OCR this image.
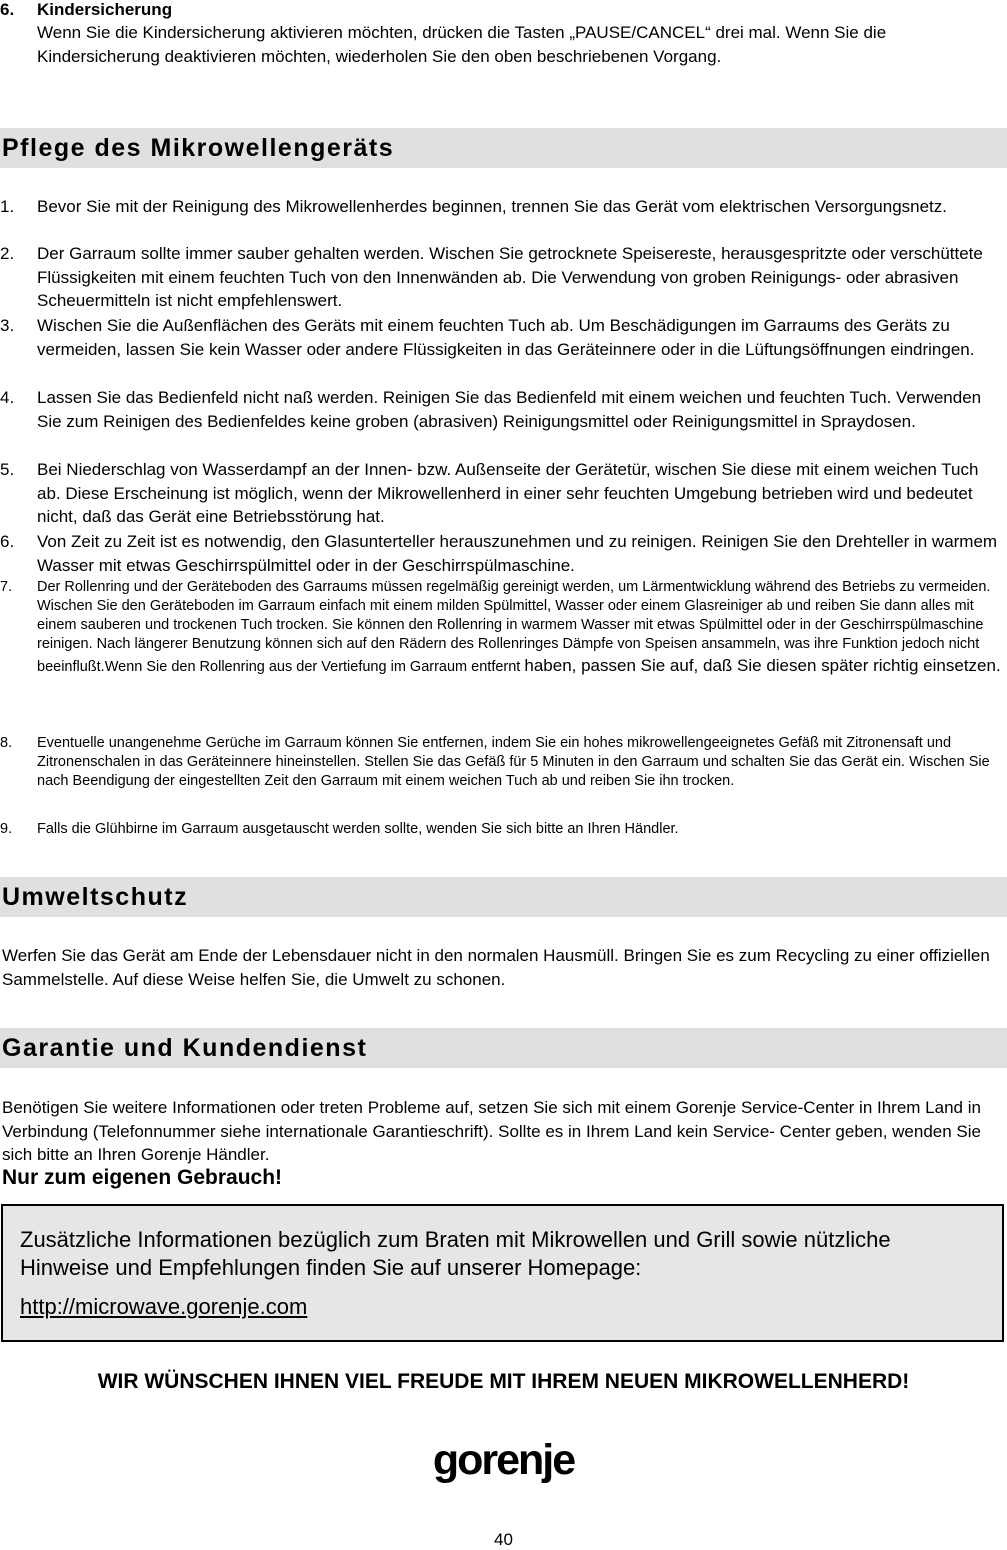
6. Kindersicherung

Wenn Sie die Kindersicherung aktivieren möchten, drücken die Tasten „PAUSE/CANCEL“ drei mal. Wenn Sie die Kindersicherung deaktivieren möchten, wiederholen Sie den oben beschriebenen Vorgang.

Pflege des Mikrowellengeräts
1. Bevor Sie mit der Reinigung des Mikrowellenherdes beginnen, trennen Sie das Gerät vom elektrischen Versorgungsnetz.

2. Der Garraum sollte immer sauber gehalten werden. Wischen Sie getrocknete Speisereste, herausgespritzte oder verschüttete Flüssigkeiten mit einem feuchten Tuch von den Innenwänden ab. Die Verwendung von groben Reinigungs- oder abrasiven Scheuermitteln ist nicht empfehlenswert.

3. Wischen Sie die Außenflächen des Geräts mit einem feuchten Tuch ab. Um Beschädigungen im Garraums des Geräts zu vermeiden, lassen Sie kein Wasser oder andere Flüssigkeiten in das Geräteinnere oder in die Lüftungsöffnungen eindringen.

4. Lassen Sie das Bedienfeld nicht naß werden. Reinigen Sie das Bedienfeld mit einem weichen und feuchten Tuch. Verwenden Sie zum Reinigen des Bedienfeldes keine groben (abrasiven) Reinigungsmittel oder Reinigungsmittel in Spraydosen.

5. Bei Niederschlag von Wasserdampf an der Innen- bzw. Außenseite der Gerätetür, wischen Sie diese mit einem weichen Tuch ab. Diese Erscheinung ist möglich, wenn der Mikrowellenherd in einer sehr feuchten Umgebung betrieben wird und bedeutet nicht, daß das Gerät eine Betriebsstörung hat.

6. Von Zeit zu Zeit ist es notwendig, den Glasunterteller herauszunehmen und zu reinigen. Reinigen Sie den Drehteller in warmem Wasser mit etwas Geschirrspülmittel oder in der Geschirrspülmaschine.

7. Der Rollenring und der Geräteboden des Garraums müssen regelmäßig gereinigt werden, um Lärmentwicklung während des Betriebs zu vermeiden. Wischen Sie den Geräteboden im Garraum einfach mit einem milden Spülmittel, Wasser oder einem Glasreiniger ab und reiben Sie dann alles mit einem sauberen und trockenen Tuch trocken. Sie können den Rollenring in warmem Wasser mit etwas Spülmittel oder in der Geschirrspülmaschine reinigen. Nach längerer Benutzung können sich auf den Rädern des Rollenringes Dämpfe von Speisen ansammeln, was ihre Funktion jedoch nicht beeinflußt.Wenn Sie den Rollenring aus der Vertiefung im Garraum entfernt haben, passen Sie auf, daß Sie diesen später richtig einsetzen.

8. Eventuelle unangenehme Gerüche im Garraum können Sie entfernen, indem Sie ein hohes mikrowellengeeignetes Gefäß mit Zitronensaft und Zitronenschalen in das Geräteinnere hineinstellen. Stellen Sie das Gefäß für 5 Minuten in den Garraum und schalten Sie das Gerät ein. Wischen Sie nach Beendigung der eingestellten Zeit den Garraum mit einem weichen Tuch ab und reiben Sie ihn trocken.

9. Falls die Glühbirne im Garraum ausgetauscht werden sollte, wenden Sie sich bitte an Ihren Händler.

Umweltschutz

Werfen Sie das Gerät am Ende der Lebensdauer nicht in den normalen Hausmüll. Bringen Sie es zum Recycling zu einer offiziellen Sammelstelle. Auf diese Weise helfen Sie, die Umwelt zu schonen.

Garantie und Kundendienst

Benötigen Sie weitere Informationen oder treten Probleme auf, setzen Sie sich mit einem Gorenje Service-Center in Ihrem Land in Verbindung (Telefonnummer siehe internationale Garantieschrift). Sollte es in Ihrem Land kein Service- Center geben, wenden Sie sich bitte an Ihren Gorenje Händler.

Nur zum eigenen Gebrauch!
Zusätzliche Informationen bezüglich zum Braten mit Mikrowellen und Grill sowie nützliche Hinweise und Empfehlungen finden Sie auf unserer Homepage:
http://microwave.gorenje.com
WIR WÜNSCHEN IHNEN VIEL FREUDE MIT IHREM NEUEN MIKROWELLENHERD!
gorenje
40
